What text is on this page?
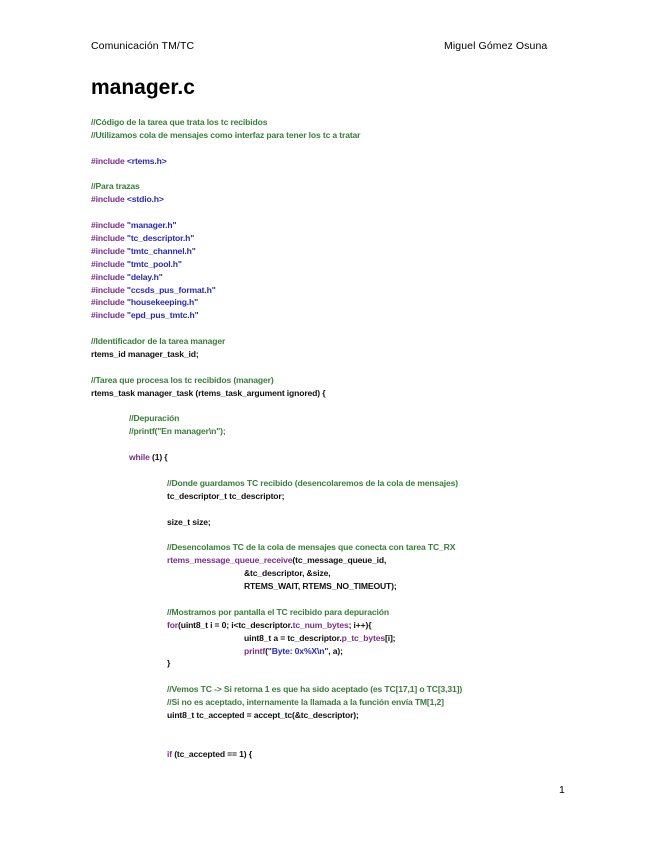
Comunicación TM/TC	Miguel Gómez Osuna
manager.c
//Código de la tarea que trata los tc recibidos
//Utilizamos cola de mensajes como interfaz para tener los tc a tratar

#include <rtems.h>

//Para trazas
#include <stdio.h>

#include "manager.h"
#include "tc_descriptor.h"
#include "tmtc_channel.h"
#include "tmtc_pool.h"
#include "delay.h"
#include "ccsds_pus_format.h"
#include "housekeeping.h"
#include "epd_pus_tmtc.h"

//Identificador de la tarea manager
rtems_id manager_task_id;

//Tarea que procesa los tc recibidos (manager)
rtems_task manager_task (rtems_task_argument ignored) {

//Depuración
//printf("En manager\n");

while (1) {

//Donde guardamos TC recibido (desencolaremos de la cola de mensajes)
tc_descriptor_t tc_descriptor;

size_t size;

//Desencolamos TC de la cola de mensajes que conecta con tarea TC_RX
rtems_message_queue_receive(tc_message_queue_id,
&tc_descriptor, &size,
RTEMS_WAIT, RTEMS_NO_TIMEOUT);

//Mostramos por pantalla el TC recibido para depuración
for(uint8_t i = 0; i<tc_descriptor.tc_num_bytes; i++){
uint8_t a = tc_descriptor.p_tc_bytes[i];
printf("Byte: 0x%X\n", a);
}

//Vemos TC -> Si retorna 1 es que ha sido aceptado (es TC[17,1] o TC[3,31])
//Si no es aceptado, internamente la llamada a la función envía TM[1,2]
uint8_t tc_accepted = accept_tc(&tc_descriptor);

if (tc_accepted == 1) {
1
